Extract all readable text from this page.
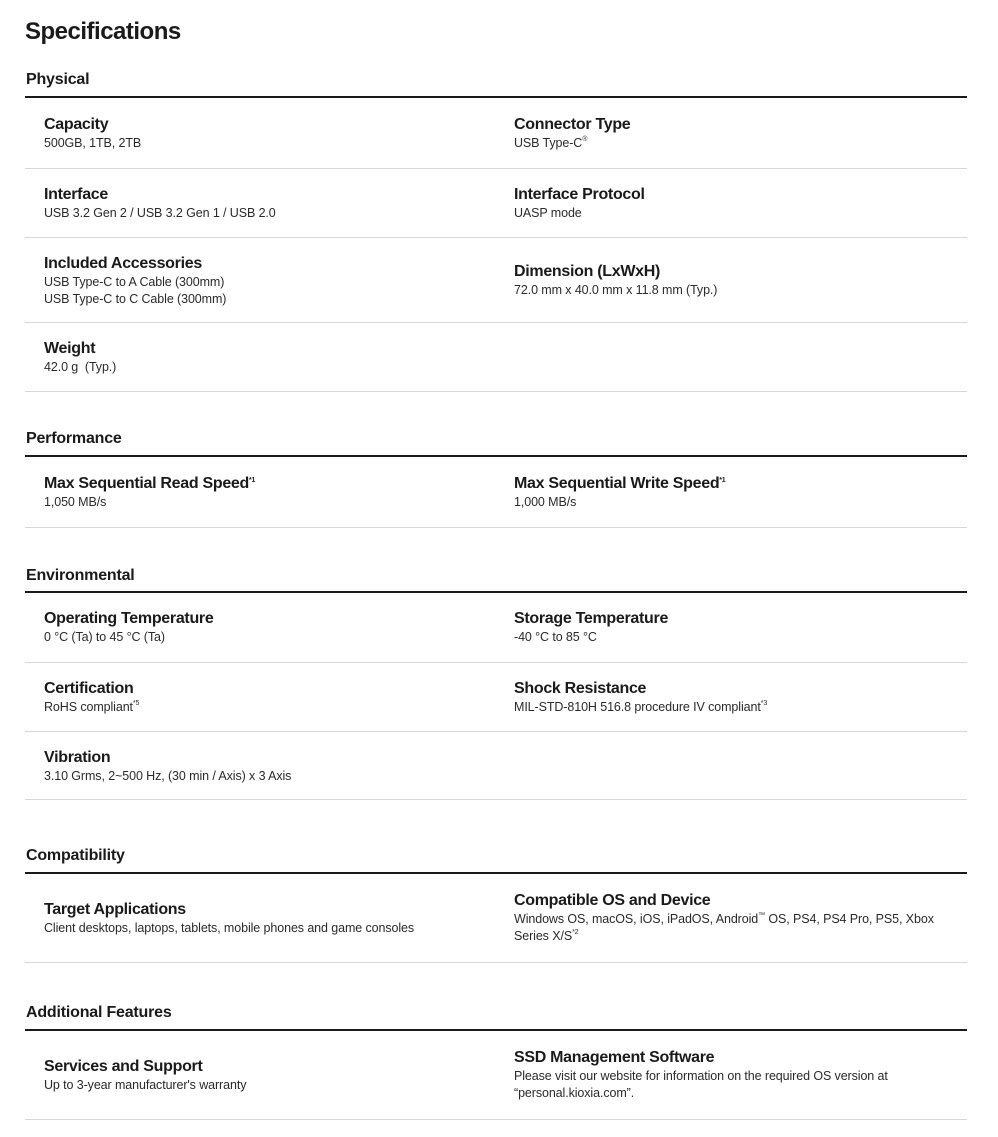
Specifications
Physical
Capacity
500GB, 1TB, 2TB
Connector Type
USB Type-C®
Interface
USB 3.2 Gen 2 / USB 3.2 Gen 1 / USB 2.0
Interface Protocol
UASP mode
Included Accessories
USB Type-C to A Cable (300mm)
USB Type-C to C Cable (300mm)
Dimension (LxWxH)
72.0 mm x 40.0 mm x 11.8 mm (Typ.)
Weight
42.0 g  (Typ.)
Performance
Max Sequential Read Speed$^{*1}$
1,050 MB/s
Max Sequential Write Speed$^{*1}$
1,000 MB/s
Environmental
Operating Temperature
0 °C (Ta) to 45 °C (Ta)
Storage Temperature
-40 °C to 85 °C
Certification
RoHS compliant$^{*5}$
Shock Resistance
MIL-STD-810H 516.8 procedure IV compliant$^{*3}$
Vibration
3.10 Grms, 2~500 Hz, (30 min / Axis) x 3 Axis
Compatibility
Target Applications
Client desktops, laptops, tablets, mobile phones and game consoles
Compatible OS and Device
Windows OS, macOS, iOS, iPadOS, Android™ OS, PS4, PS4 Pro, PS5, Xbox Series $X/S^{*2}$
Additional Features
Services and Support
Up to 3-year manufacturer's warranty
SSD Management Software
Please visit our website for information on the required OS version at “personal.kioxia.com”.
